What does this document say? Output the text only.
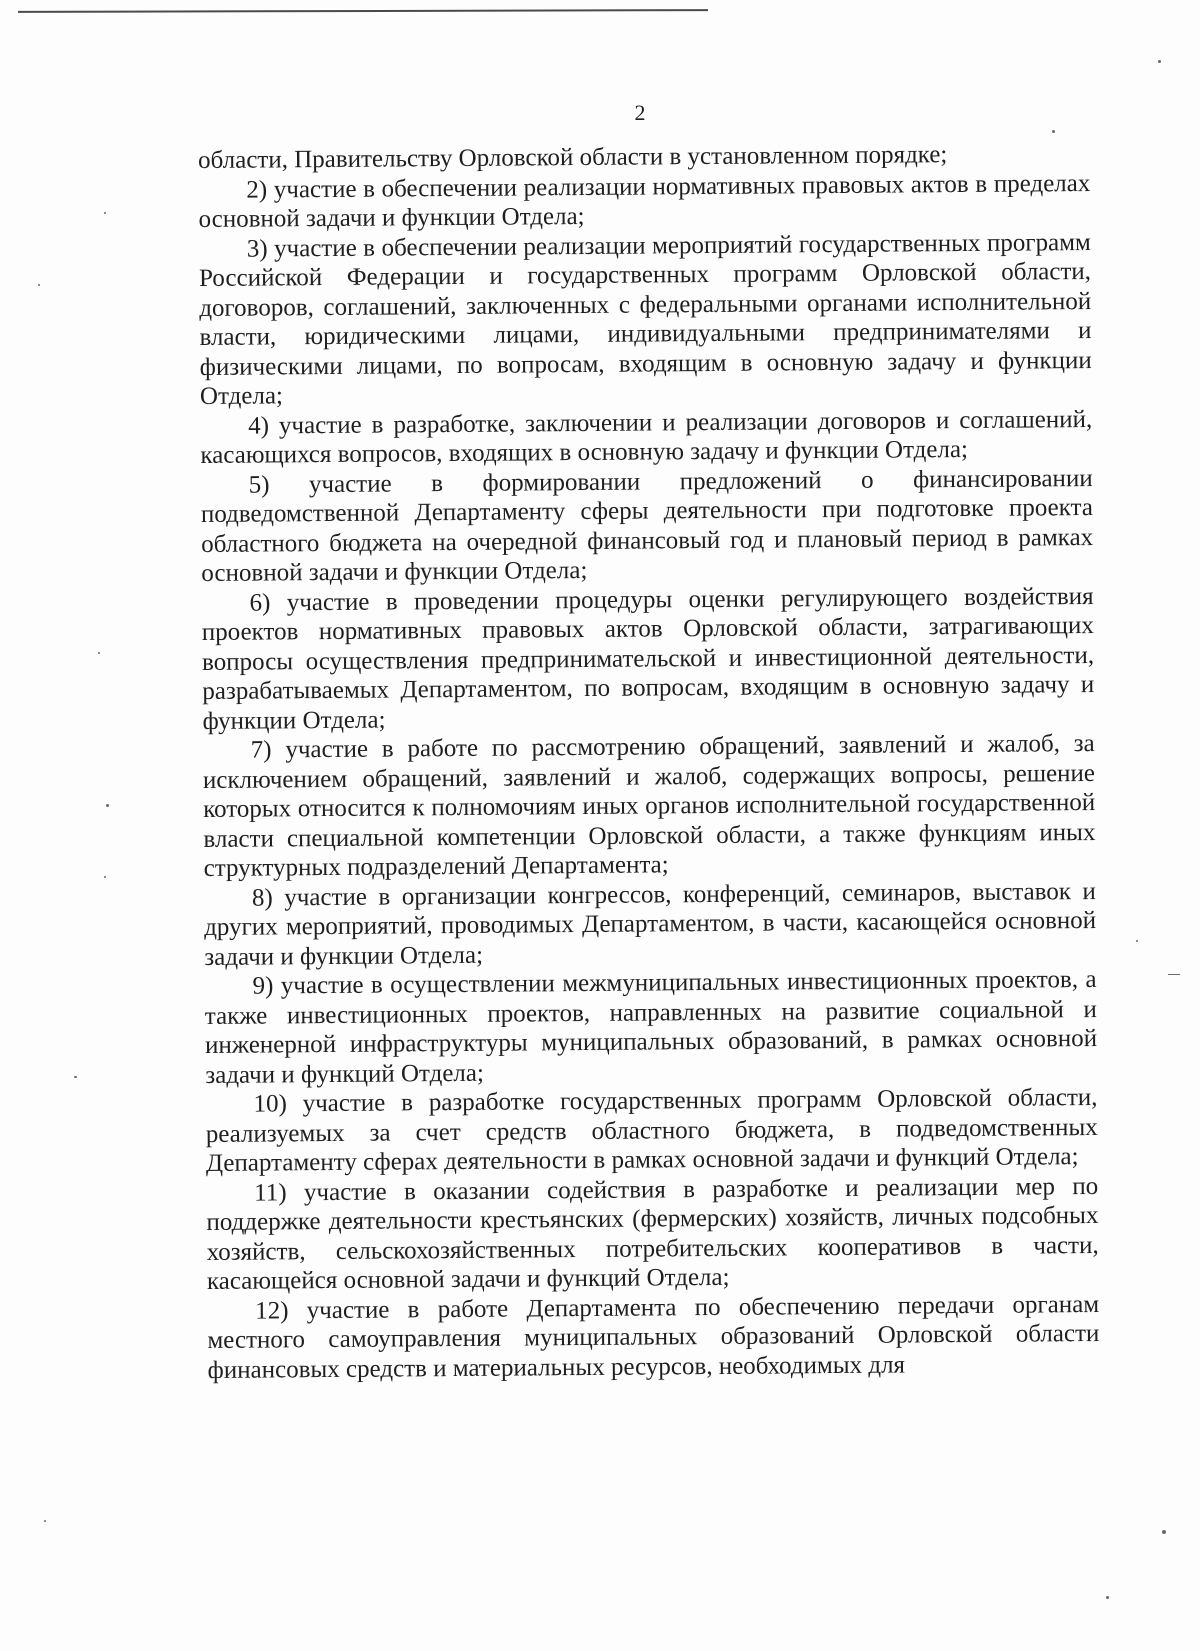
2

области, Правительству Орловской области в установленном порядке;

2) участие в обеспечении реализации нормативных правовых актов в пределах основной задачи и функции Отдела;

3) участие в обеспечении реализации мероприятий государственных программ Российской Федерации и государственных программ Орловской области, договоров, соглашений, заключенных с федеральными органами исполнительной власти, юридическими лицами, индивидуальными предпринимателями и физическими лицами, по вопросам, входящим в основную задачу и функции Отдела;

4) участие в разработке, заключении и реализации договоров и соглашений, касающихся вопросов, входящих в основную задачу и функции Отдела;

5) участие в формировании предложений о финансировании подведомственной Департаменту сферы деятельности при подготовке проекта областного бюджета на очередной финансовый год и плановый период в рамках основной задачи и функции Отдела;

6) участие в проведении процедуры оценки регулирующего воздействия проектов нормативных правовых актов Орловской области, затрагивающих вопросы осуществления предпринимательской и инвестиционной деятельности, разрабатываемых Департаментом, по вопросам, входящим в основную задачу и функции Отдела;

7) участие в работе по рассмотрению обращений, заявлений и жалоб, за исключением обращений, заявлений и жалоб, содержащих вопросы, решение которых относится к полномочиям иных органов исполнительной государственной власти специальной компетенции Орловской области, а также функциям иных структурных подразделений Департамента;

8) участие в организации конгрессов, конференций, семинаров, выставок и других мероприятий, проводимых Департаментом, в части, касающейся основной задачи и функции Отдела;

9) участие в осуществлении межмуниципальных инвестиционных проектов, а также инвестиционных проектов, направленных на развитие социальной и инженерной инфраструктуры муниципальных образований, в рамках основной задачи и функций Отдела;

10) участие в разработке государственных программ Орловской области, реализуемых за счет средств областного бюджета, в подведомственных Департаменту сферах деятельности в рамках основной задачи и функций Отдела;

11) участие в оказании содействия в разработке и реализации мер по поддержке деятельности крестьянских (фермерских) хозяйств, личных подсобных хозяйств, сельскохозяйственных потребительских кооперативов в части, касающейся основной задачи и функций Отдела;

12) участие в работе Департамента по обеспечению передачи органам местного самоуправления муниципальных образований Орловской области финансовых средств и материальных ресурсов, необходимых для
